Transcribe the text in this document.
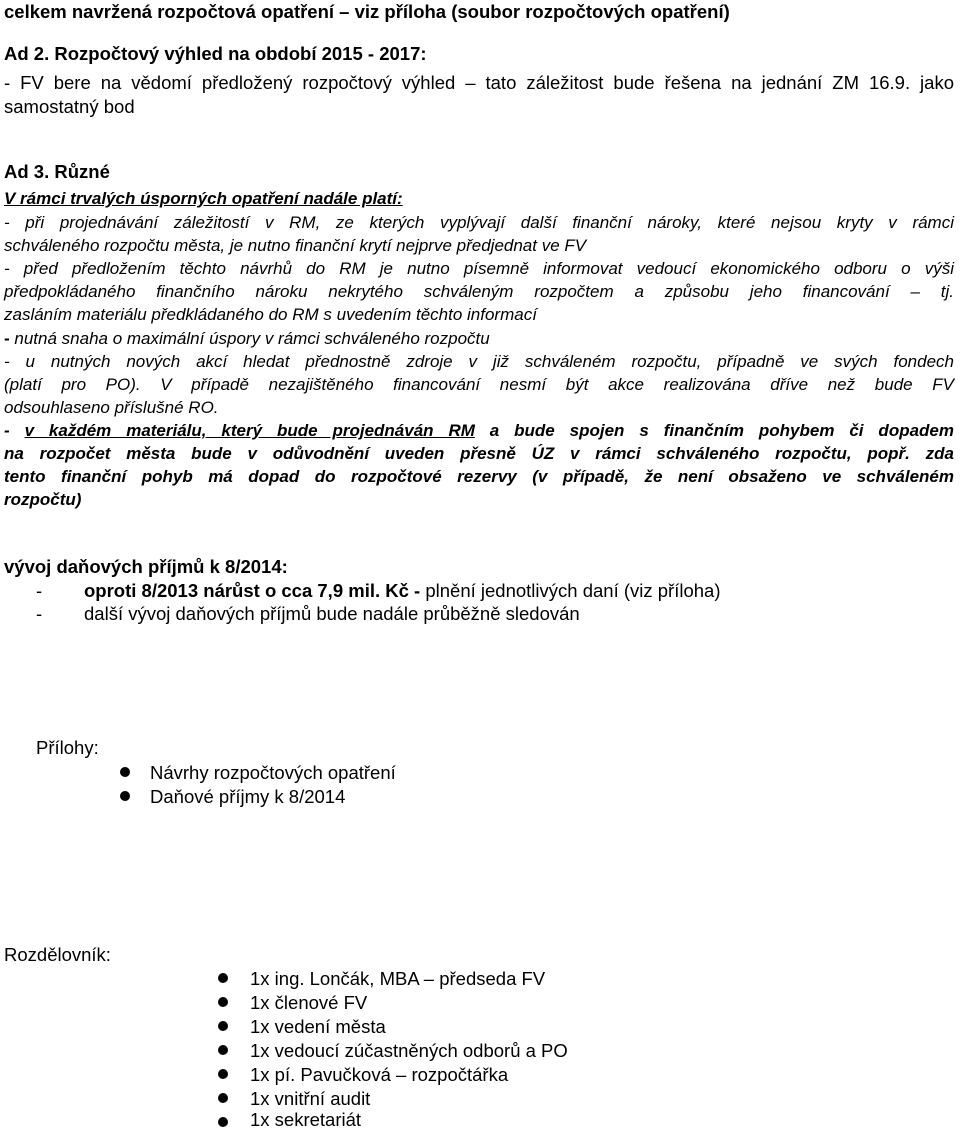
celkem navržená rozpočtová opatření – viz příloha (soubor rozpočtových opatření)
Ad 2. Rozpočtový výhled na období 2015 - 2017:
- FV bere na vědomí předložený rozpočtový výhled – tato záležitost bude řešena na jednání ZM 16.9. jako
samostatný bod
Ad 3. Různé
V rámci trvalých úsporných opatření nadále platí:
- při projednávání záležitostí v RM, ze kterých vyplývají další finanční nároky, které nejsou kryty v rámci
schváleného rozpočtu města, je nutno finanční krytí nejprve předjednat ve FV
- před předložením těchto návrhů do RM je nutno písemně informovat vedoucí ekonomického odboru o výši
předpokládaného finančního nároku nekrytého schváleným rozpočtem a způsobu jeho financování – tj.
zasláním materiálu předkládaného do RM s uvedením těchto informací
- nutná snaha o maximální úspory v rámci schváleného rozpočtu
- u nutných nových akcí hledat přednostně zdroje v již schváleném rozpočtu, případně ve svých fondech
(platí pro PO). V případě nezajištěného financování nesmí být akce realizována dříve než bude FV
odsouhlaseno příslušné RO.
- v každém materiálu, který bude projednáván RM a bude spojen s finančním pohybem či dopadem
na rozpočet města bude v odůvodnění uveden přesně ÚZ v rámci schváleného rozpočtu, popř. zda
tento finanční pohyb má dopad do rozpočtové rezervy (v případě, že není obsaženo ve schváleném
rozpočtu)
vývoj daňových příjmů k 8/2014:
- oproti 8/2013 nárůst o cca 7,9 mil. Kč - plnění jednotlivých daní (viz příloha)
- další vývoj daňových příjmů bude nadále průběžně sledován
Přílohy:
Návrhy rozpočtových opatření
Daňové příjmy k 8/2014
Rozdělovník:
1x ing. Lončák, MBA – předseda FV
1x členové FV
1x vedení města
1x vedoucí zúčastněných odborů a PO
1x pí. Pavučková – rozpočtářka
1x vnitřní audit
1x sekretariát
